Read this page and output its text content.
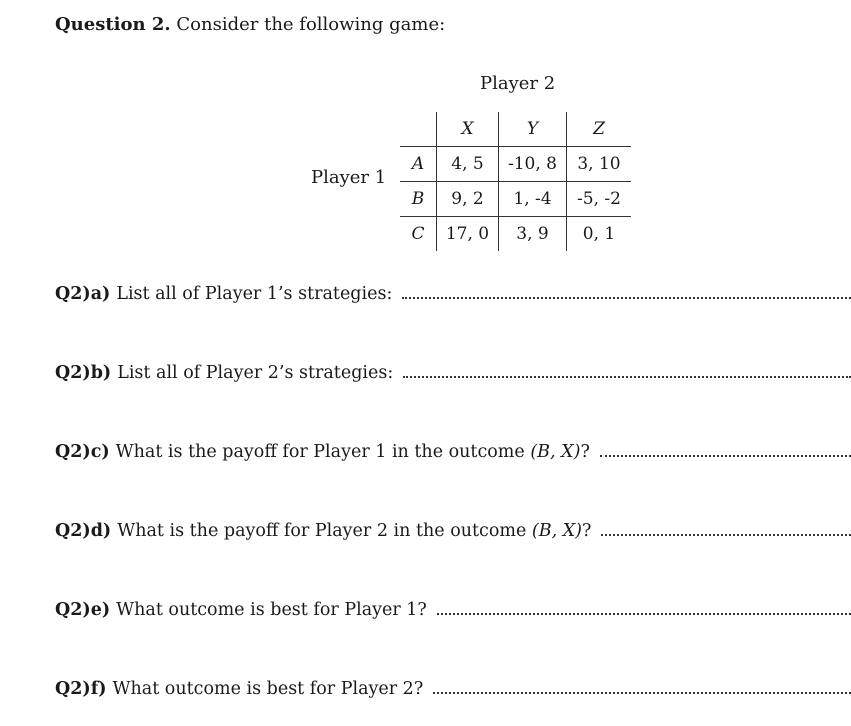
Question 2. Consider the following game:
Player 2
Player 1
	X	Y	Z
A	4, 5	-10, 8	3, 10
B	9, 2	1, -4	-5, -2
C	17, 0	3, 9	0, 1
Q2)a) List all of Player 1’s strategies:
Q2)b) List all of Player 2’s strategies:
Q2)c) What is the payoff for Player 1 in the outcome
(B, X) ?
Q2)d) What is the payoff for Player 2 in the outcome
(B, X) ?
Q2)e) What outcome is best for Player 1?
Q2)f) What outcome is best for Player 2?
